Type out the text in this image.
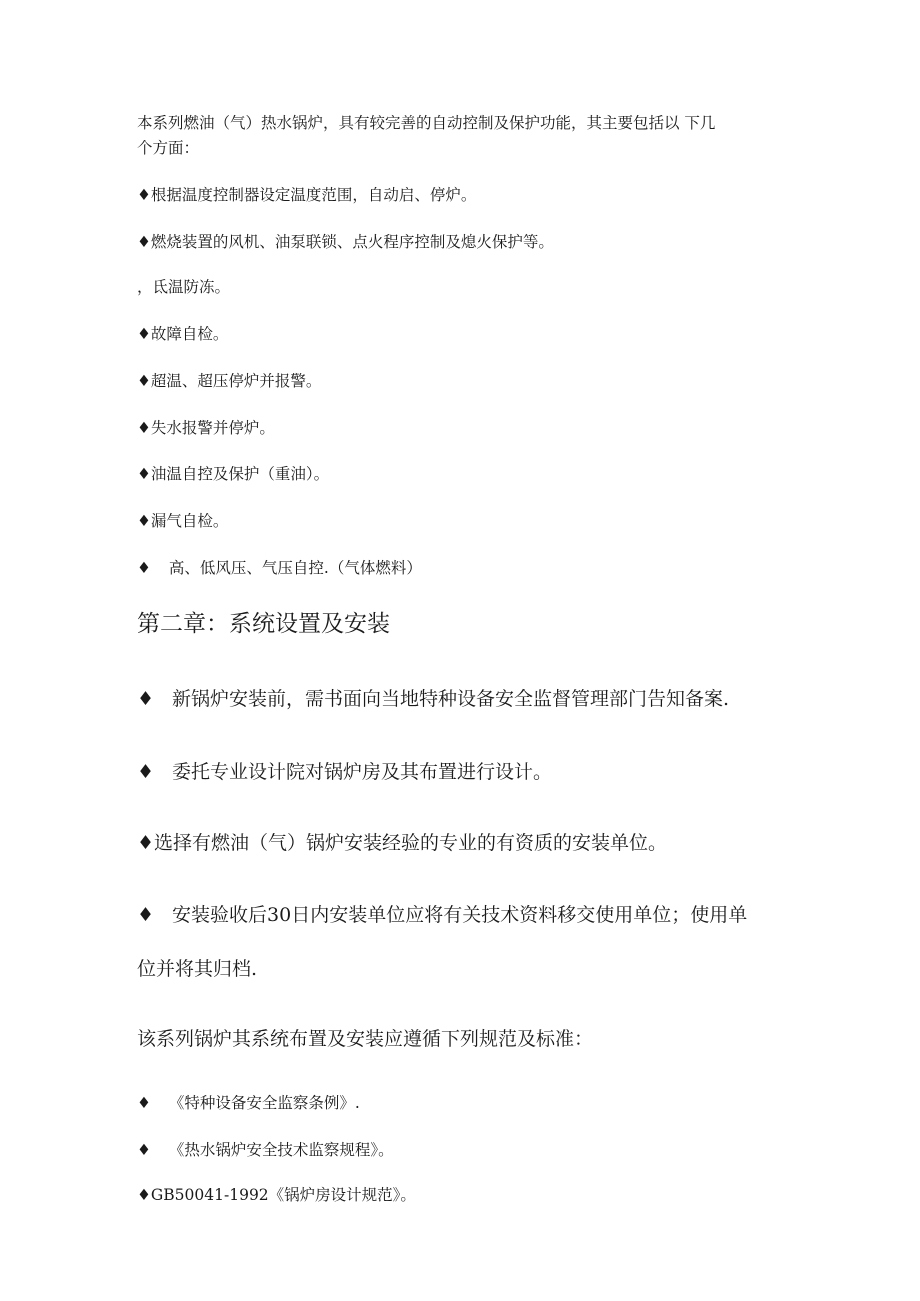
本系列燃油（气）热水锅炉，具有较完善的自动控制及保护功能，其主要包括以 下几
个方面：
♦根据温度控制器设定温度范围，自动启、停炉。
♦燃烧装置的风机、油泵联锁、点火程序控制及熄火保护等。
，氐温防冻。
♦故障自检。
♦超温、超压停炉并报警。
♦失水报警并停炉。
♦油温自控及保护（重油）。
♦漏气自检。
♦ 高、低风压、气压自控.（气体燃料）
第二章：系统设置及安装
♦ 新锅炉安装前，需书面向当地特种设备安全监督管理部门告知备案.
♦ 委托专业设计院对锅炉房及其布置进行设计。
♦选择有燃油（气）锅炉安装经验的专业的有资质的安装单位。
♦ 安装验收后30日内安装单位应将有关技术资料移交使用单位；使用单
位并将其归档.
该系列锅炉其系统布置及安装应遵循下列规范及标准：
♦ 《特种设备安全监察条例》.
♦ 《热水锅炉安全技术监察规程》。
♦GB50041-1992《锅炉房设计规范》。
